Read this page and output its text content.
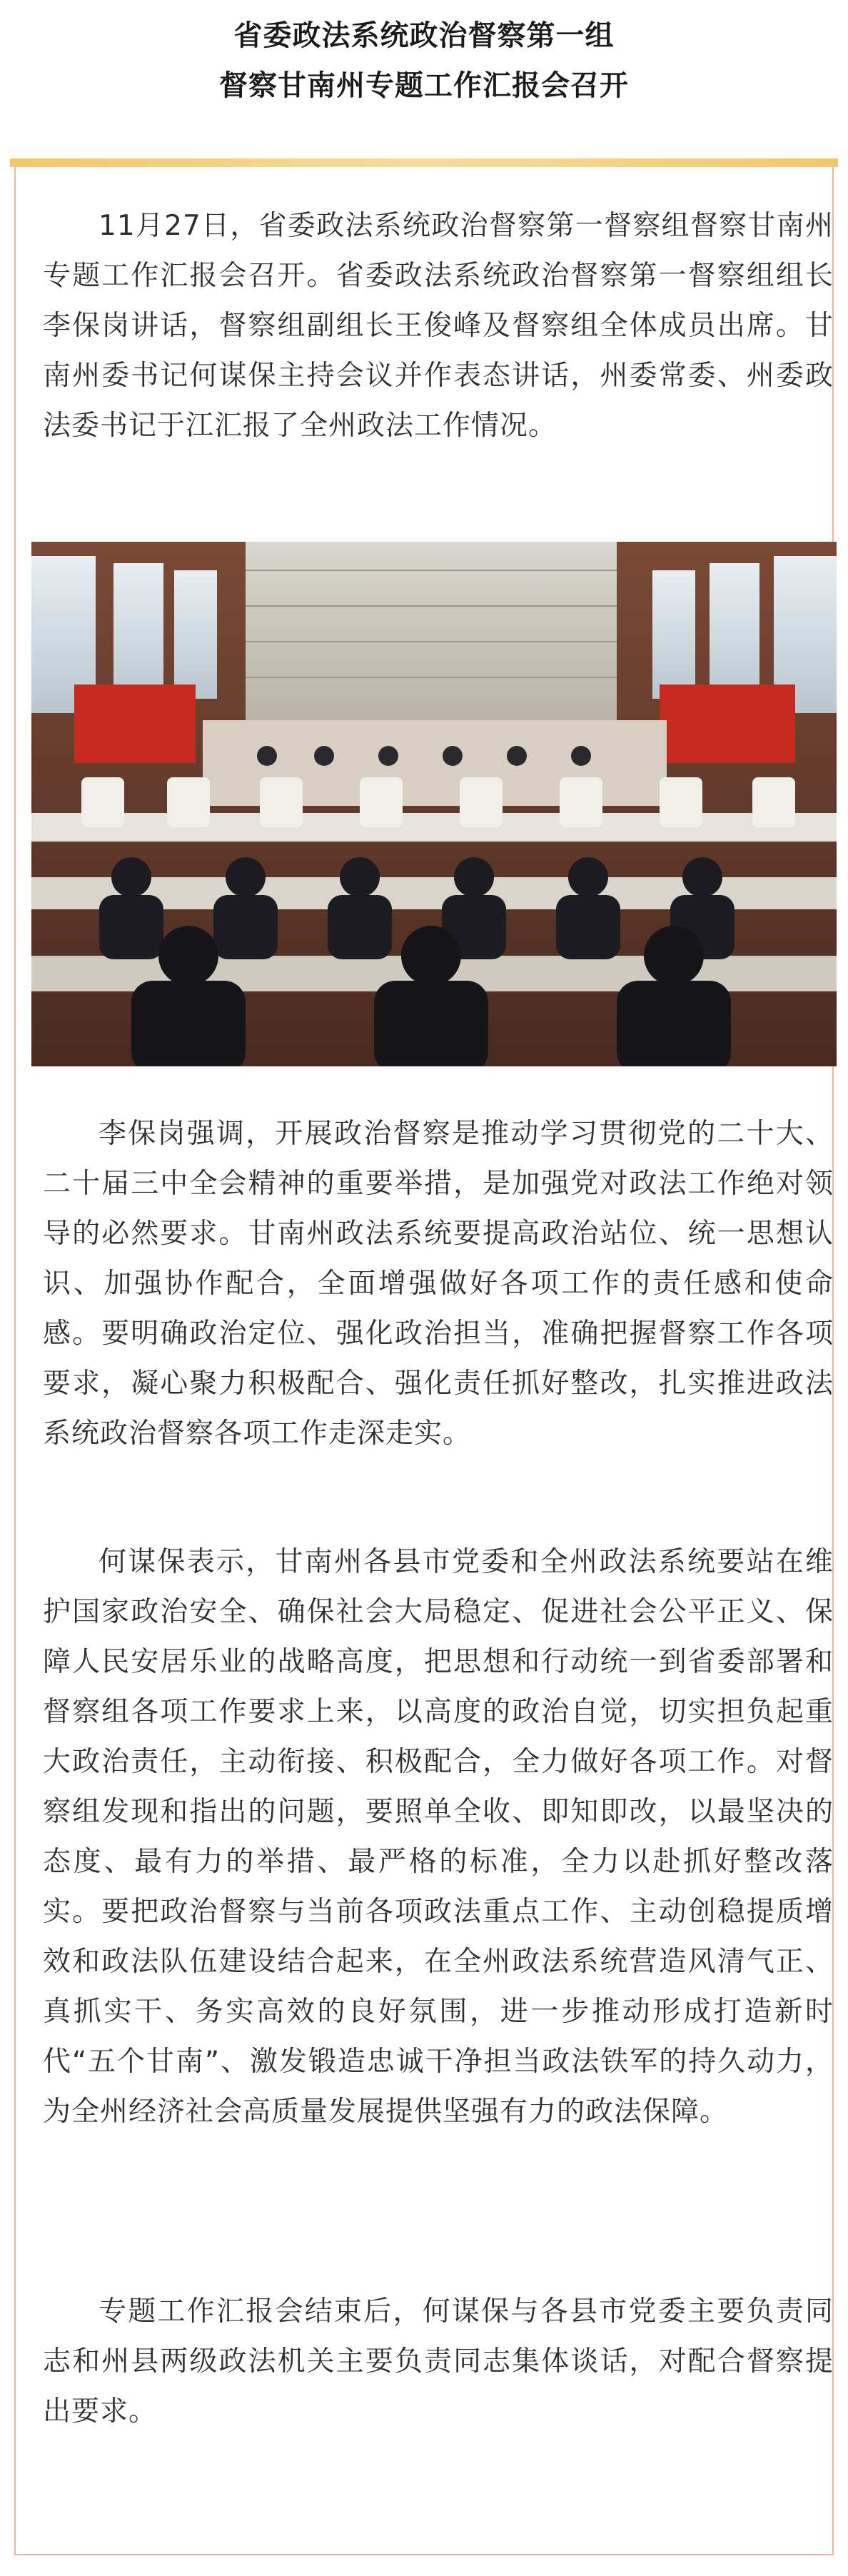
省委政法系统政治督察第一组
督察甘南州专题工作汇报会召开
11月27日，省委政法系统政治督察第一督察组督察甘南州专题工作汇报会召开。省委政法系统政治督察第一督察组组长李保岗讲话，督察组副组长王俊峰及督察组全体成员出席。甘南州委书记何谋保主持会议并作表态讲话，州委常委、州委政法委书记于江汇报了全州政法工作情况。
李保岗强调，开展政治督察是推动学习贯彻党的二十大、二十届三中全会精神的重要举措，是加强党对政法工作绝对领导的必然要求。甘南州政法系统要提高政治站位、统一思想认识、加强协作配合，全面增强做好各项工作的责任感和使命感。要明确政治定位、强化政治担当，准确把握督察工作各项要求，凝心聚力积极配合、强化责任抓好整改，扎实推进政法系统政治督察各项工作走深走实。
何谋保表示，甘南州各县市党委和全州政法系统要站在维护国家政治安全、确保社会大局稳定、促进社会公平正义、保障人民安居乐业的战略高度，把思想和行动统一到省委部署和督察组各项工作要求上来，以高度的政治自觉，切实担负起重大政治责任，主动衔接、积极配合，全力做好各项工作。对督察组发现和指出的问题，要照单全收、即知即改，以最坚决的态度、最有力的举措、最严格的标准，全力以赴抓好整改落实。要把政治督察与当前各项政法重点工作、主动创稳提质增效和政法队伍建设结合起来，在全州政法系统营造风清气正、真抓实干、务实高效的良好氛围，进一步推动形成打造新时代“五个甘南”、激发锻造忠诚干净担当政法铁军的持久动力，为全州经济社会高质量发展提供坚强有力的政法保障。
专题工作汇报会结束后，何谋保与各县市党委主要负责同志和州县两级政法机关主要负责同志集体谈话，对配合督察提出要求。
